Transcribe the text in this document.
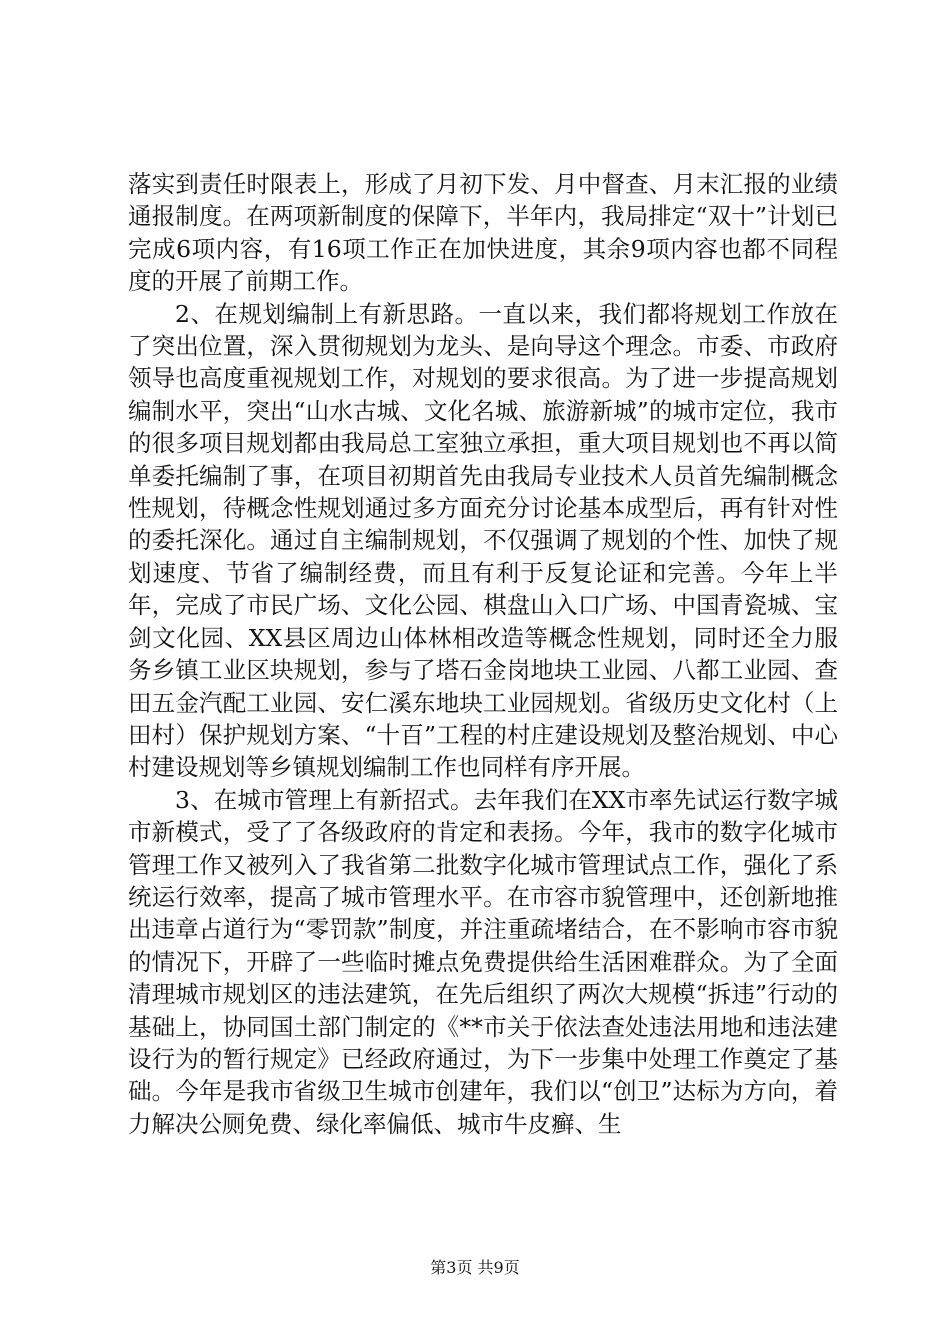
落实到责任时限表上，形成了月初下发、月中督查、月末汇报的业绩通报制度。在两项新制度的保障下，半年内，我局排定“双十”计划已完成6项内容，有16项工作正在加快进度，其余9项内容也都不同程度的开展了前期工作。

2、在规划编制上有新思路。一直以来，我们都将规划工作放在了突出位置，深入贯彻规划为龙头、是向导这个理念。市委、市政府领导也高度重视规划工作，对规划的要求很高。为了进一步提高规划编制水平，突出“山水古城、文化名城、旅游新城”的城市定位，我市的很多项目规划都由我局总工室独立承担，重大项目规划也不再以简单委托编制了事，在项目初期首先由我局专业技术人员首先编制概念性规划，待概念性规划通过多方面充分讨论基本成型后，再有针对性的委托深化。通过自主编制规划，不仅强调了规划的个性、加快了规划速度、节省了编制经费，而且有利于反复论证和完善。今年上半年，完成了市民广场、文化公园、棋盘山入口广场、中国青瓷城、宝剑文化园、XX县区周边山体林相改造等概念性规划，同时还全力服务乡镇工业区块规划，参与了塔石金岗地块工业园、八都工业园、查田五金汽配工业园、安仁溪东地块工业园规划。省级历史文化村（上田村）保护规划方案、“十百”工程的村庄建设规划及整治规划、中心村建设规划等乡镇规划编制工作也同样有序开展。

3、在城市管理上有新招式。去年我们在XX市率先试运行数字城市新模式，受了了各级政府的肯定和表扬。今年，我市的数字化城市管理工作又被列入了我省第二批数字化城市管理试点工作，强化了系统运行效率，提高了城市管理水平。在市容市貌管理中，还创新地推出违章占道行为“零罚款”制度，并注重疏堵结合，在不影响市容市貌的情况下，开辟了一些临时摊点免费提供给生活困难群众。为了全面清理城市规划区的违法建筑，在先后组织了两次大规模“拆违”行动的基础上，协同国土部门制定的《**市关于依法查处违法用地和违法建设行为的暂行规定》已经政府通过，为下一步集中处理工作奠定了基础。今年是我市省级卫生城市创建年，我们以“创卫”达标为方向，着力解决公厕免费、绿化率偏低、城市牛皮癣、生

第3页 共9页
